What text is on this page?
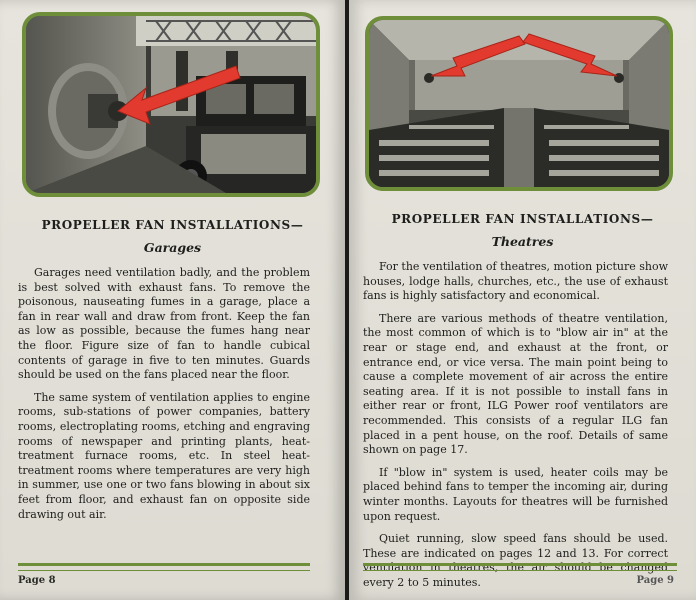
PROPELLER FAN INSTALLATIONS—
Garages

Garages need ventilation badly, and the problem is best solved with exhaust fans. To remove the poisonous, nauseating fumes in a garage, place a fan in rear wall and draw from front. Keep the fan as low as possible, because the fumes hang near the floor. Figure size of fan to handle cubical contents of garage in five to ten minutes. Guards should be used on the fans placed near the floor.

The same system of ventilation applies to engine rooms, sub-stations of power companies, battery rooms, electroplating rooms, etching and engraving rooms of newspaper and printing plants, heat-treatment furnace rooms, etc. In steel heat-treatment rooms where temperatures are very high in summer, use one or two fans blowing in about six feet from floor, and exhaust fan on opposite side drawing out air.

Page 8
PROPELLER FAN INSTALLATIONS—
Theatres

For the ventilation of theatres, motion picture show houses, lodge halls, churches, etc., the use of exhaust fans is highly satisfactory and economical.

There are various methods of theatre ventilation, the most common of which is to "blow air in" at the rear or stage end, and exhaust at the front, or entrance end, or vice versa. The main point being to cause a complete movement of air across the entire seating area. If it is not possible to install fans in either rear or front, ILG Power roof ventilators are recommended. This consists of a regular ILG fan placed in a pent house, on the roof. Details of same shown on page 17.

If "blow in" system is used, heater coils may be placed behind fans to temper the incoming air, during winter months. Layouts for theatres will be furnished upon request.

Quiet running, slow speed fans should be used. These are indicated on pages 12 and 13. For correct ventilation in theatres, the air should be changed every 2 to 5 minutes.	Page 9
